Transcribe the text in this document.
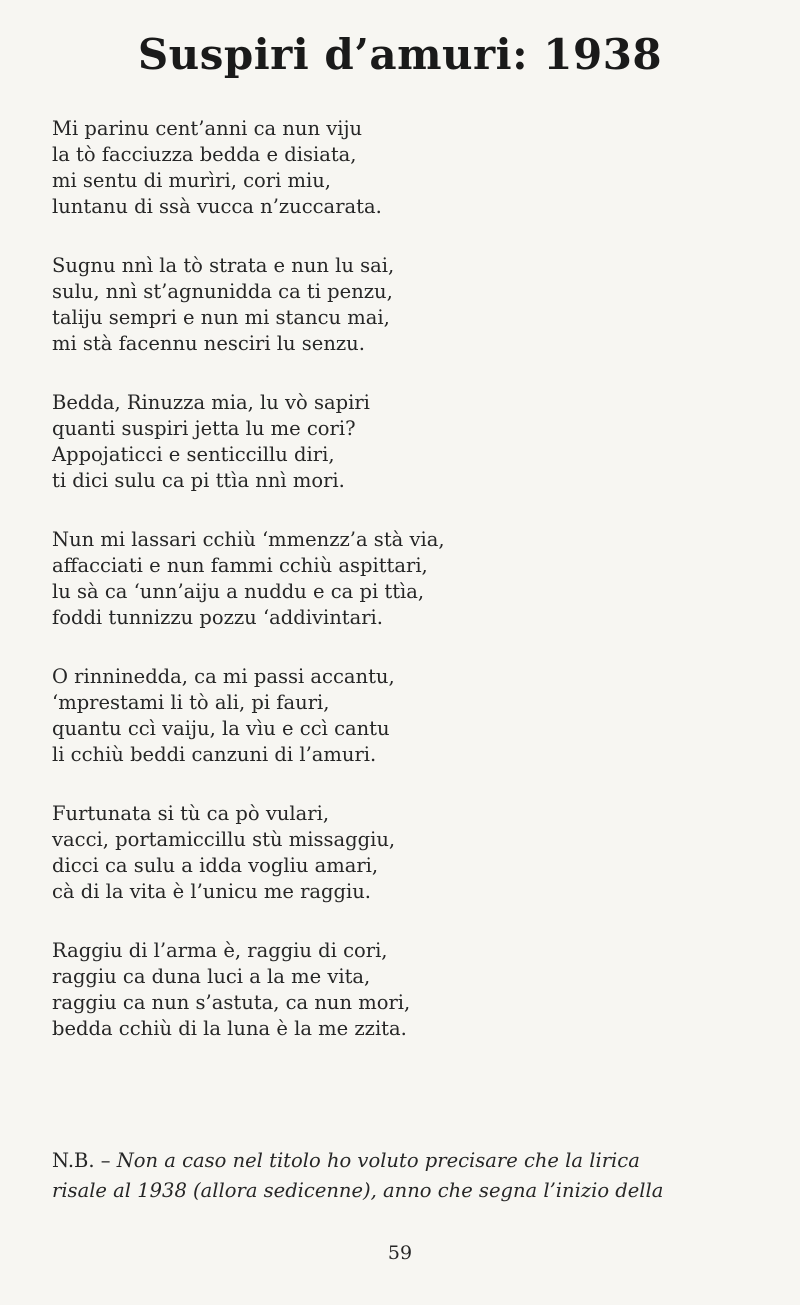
Suspiri d’amuri: 1938
Mi parinu cent’anni ca nun viju
la tò facciuzza bedda e disiata,
mi sentu di murìri, cori miu,
luntanu di ssà vucca n’zuccarata.
Sugnu nnì la tò strata e nun lu sai,
sulu, nnì st’agnunidda ca ti penzu,
taliju sempri e nun mi stancu mai,
mi stà facennu nesciri lu senzu.
Bedda, Rinuzza mia, lu vò sapiri
quanti suspiri jetta lu me cori?
Appojaticci e senticcillu diri,
ti dici sulu ca pi ttìa nnì mori.
Nun mi lassari cchiù ‘mmenzz’a stà via,
affacciati e nun fammi cchiù aspittari,
lu sà ca ‘unn’aiju a nuddu e ca pi ttìa,
foddi tunnizzu pozzu ‘addivintari.
O rinninedda, ca mi passi accantu,
‘mprestami li tò ali, pi fauri,
quantu ccì vaiju, la vìu e ccì cantu
li cchiù beddi canzuni di l’amuri.
Furtunata si tù ca pò vulari,
vacci, portamiccillu stù missaggiu,
dicci ca sulu a idda vogliu amari,
cà di la vita è l’unicu me raggiu.
Raggiu di l’arma è, raggiu di cori,
raggiu ca duna luci a la me vita,
raggiu ca nun s’astuta, ca nun mori,
bedda cchiù di la luna è la me zzita.
N.B. – Non a caso nel titolo ho voluto precisare che la lirica
risale al 1938 (allora sedicenne), anno che segna l’inizio della
59
